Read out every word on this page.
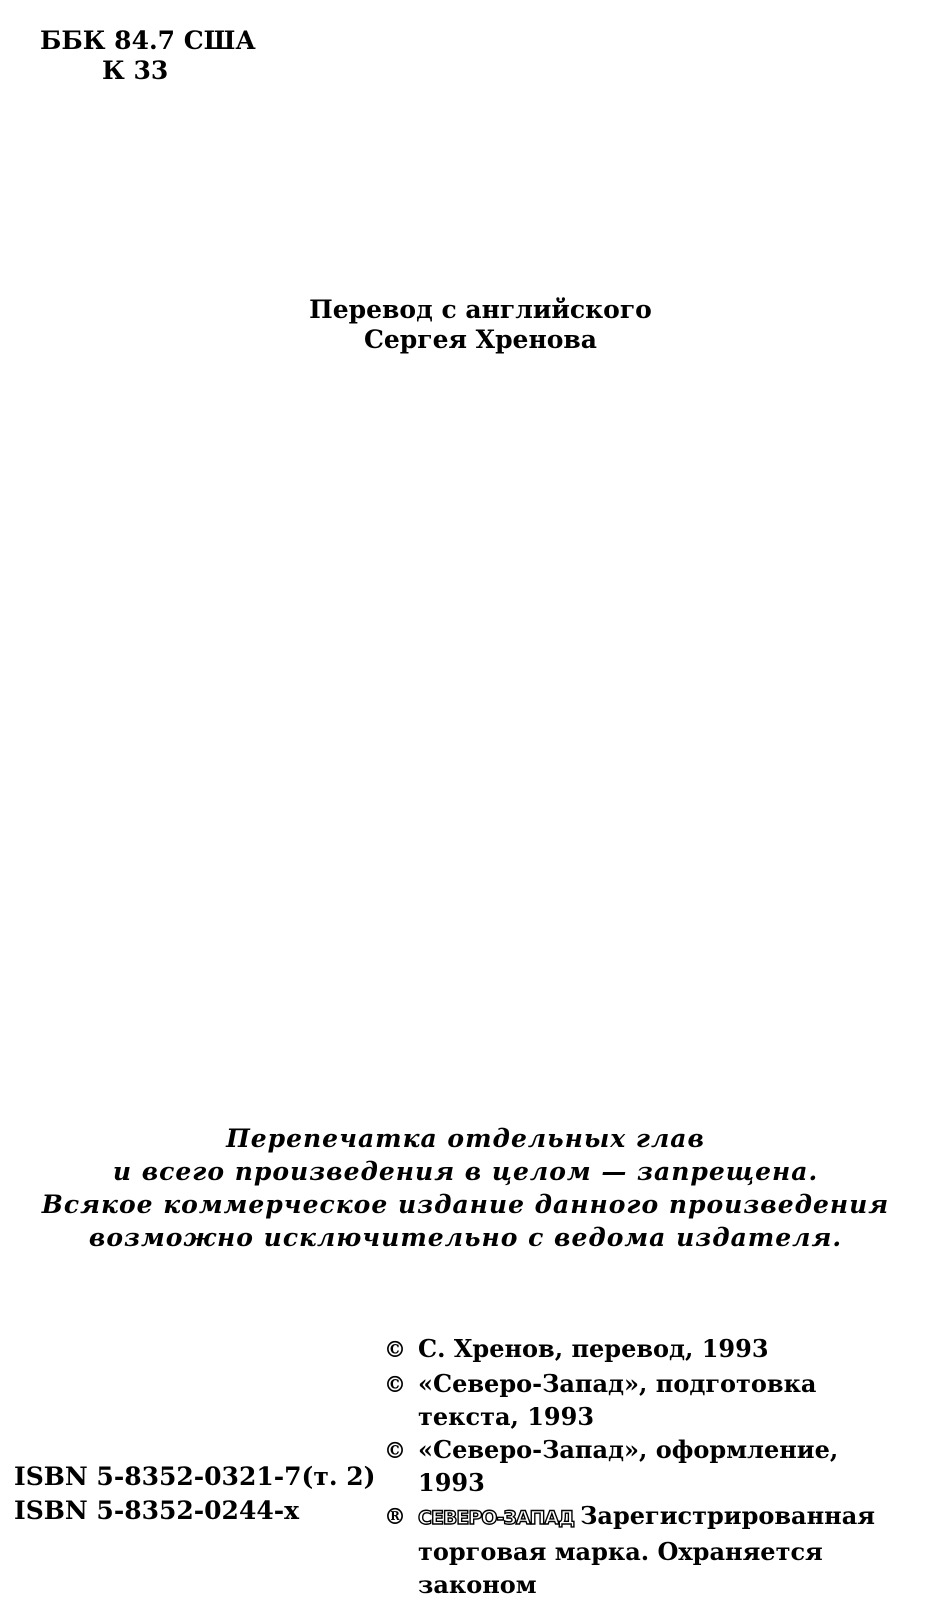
ББК 84.7 США
К 33
Перевод с английского
Сергея Хренова
Перепечатка отдельных глав
и всего произведения в целом — запрещена.
Всякое коммерческое издание данного произведения
возможно исключительно с ведома издателя.
© С. Хренов, перевод, 1993
© «Северо-Запад», подготовка текста, 1993
© «Северо-Запад», оформление, 1993
® СЕВЕРО-ЗАПАД Зарегистрированная торговая марка. Охраняется законом
ISBN 5-8352-0321-7(т. 2)
ISBN 5-8352-0244-х
